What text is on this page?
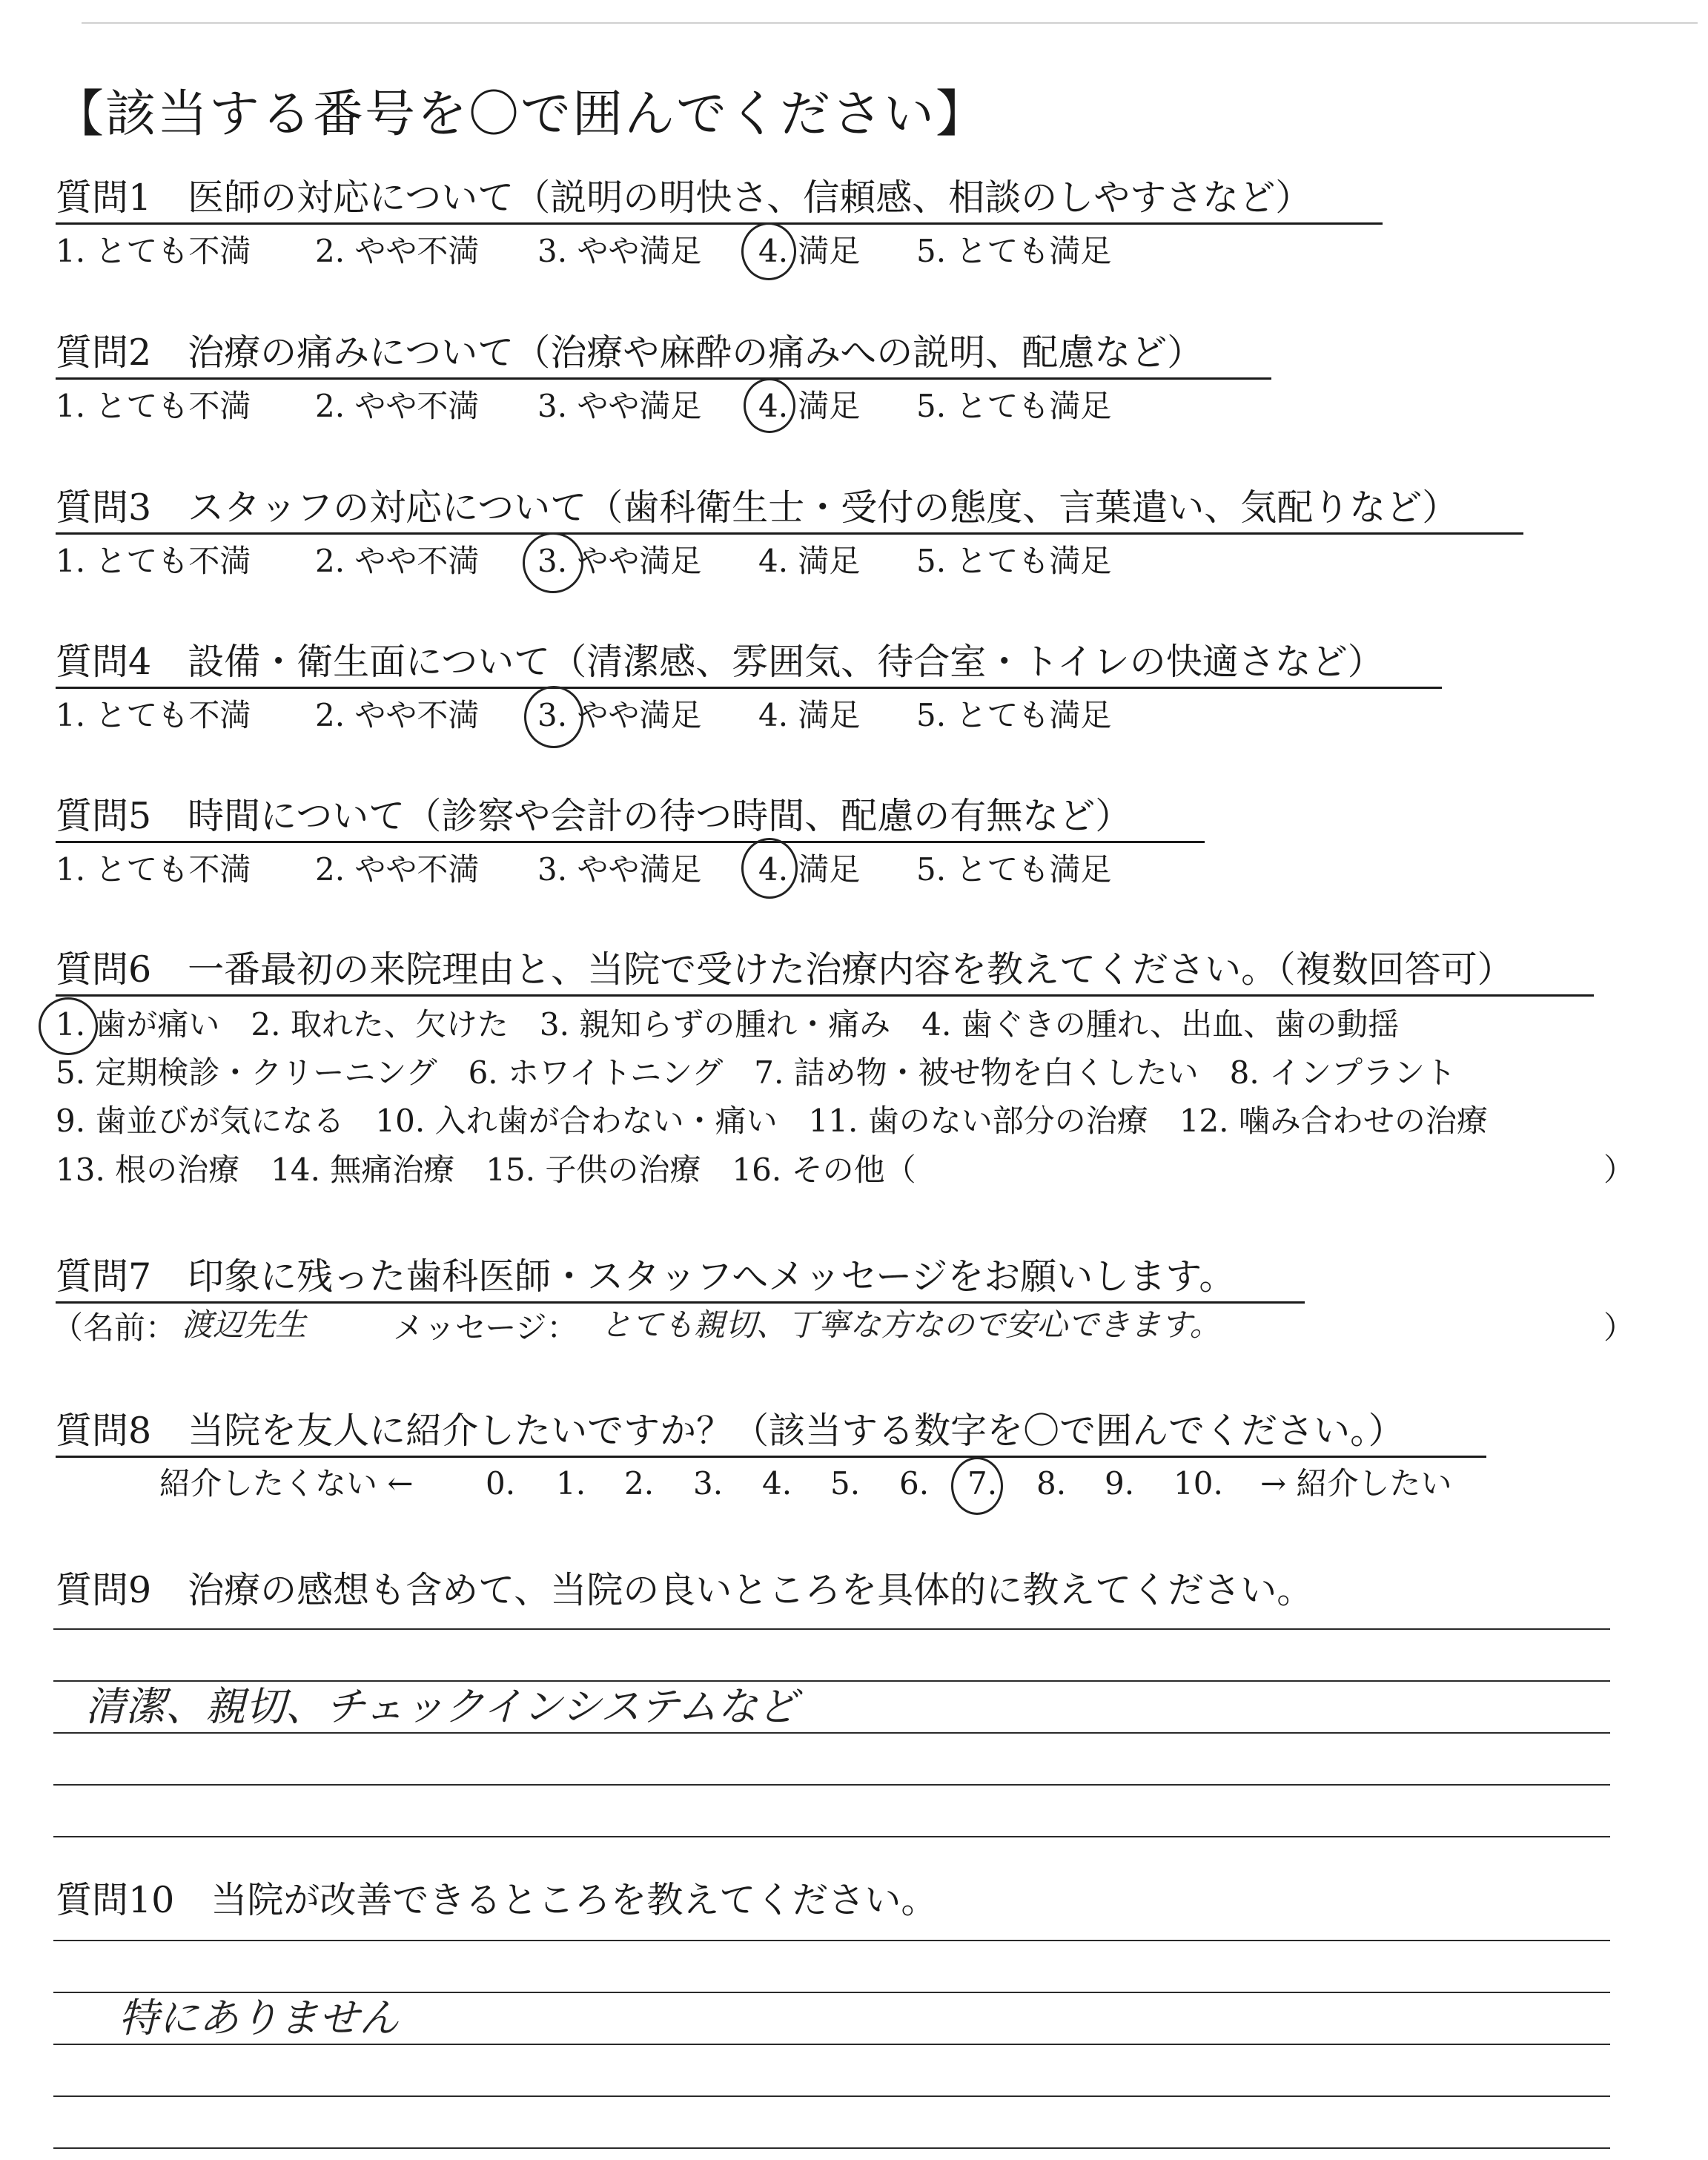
【該当する番号を〇で囲んでください】
質問1　医師の対応について（説明の明快さ、信頼感、相談のしやすさなど）
1. とても不満 2. やや不満 3. やや満足 4. 満足 5. とても満足
質問2　治療の痛みについて（治療や麻酔の痛みへの説明、配慮など）
1. とても不満 2. やや不満 3. やや満足 4. 満足 5. とても満足
質問3　スタッフの対応について（歯科衛生士・受付の態度、言葉遣い、気配りなど）
1. とても不満 2. やや不満 3. やや満足 4. 満足 5. とても満足
質問4　設備・衛生面について（清潔感、雰囲気、待合室・トイレの快適さなど）
1. とても不満 2. やや不満 3. やや満足 4. 満足 5. とても満足
質問5　時間について（診察や会計の待つ時間、配慮の有無など）
1. とても不満 2. やや不満 3. やや満足 4. 満足 5. とても満足
質問6　一番最初の来院理由と、当院で受けた治療内容を教えてください。（複数回答可）
1. 歯が痛い　2. 取れた、欠けた　3. 親知らずの腫れ・痛み　4. 歯ぐきの腫れ、出血、歯の動揺
5. 定期検診・クリーニング　6. ホワイトニング　7. 詰め物・被せ物を白くしたい　8. インプラント
9. 歯並びが気になる　10. 入れ歯が合わない・痛い　11. 歯のない部分の治療　12. 噛み合わせの治療
13. 根の治療　14. 無痛治療　15. 子供の治療　16. その他（	）
質問7　印象に残った歯科医師・スタッフへメッセージをお願いします。
（名前： 渡辺先生	メッセージ： とても親切、丁寧な方なので安心できます。	）
質問8　当院を友人に紹介したいですか？（該当する数字を〇で囲んでください。）
紹介したくない ← 0. 1. 2. 3. 4. 5. 6. 7. 8. 9. 10. → 紹介したい
質問9　治療の感想も含めて、当院の良いところを具体的に教えてください。
清潔、親切、チェックインシステムなど
質問10　当院が改善できるところを教えてください。
特にありません
